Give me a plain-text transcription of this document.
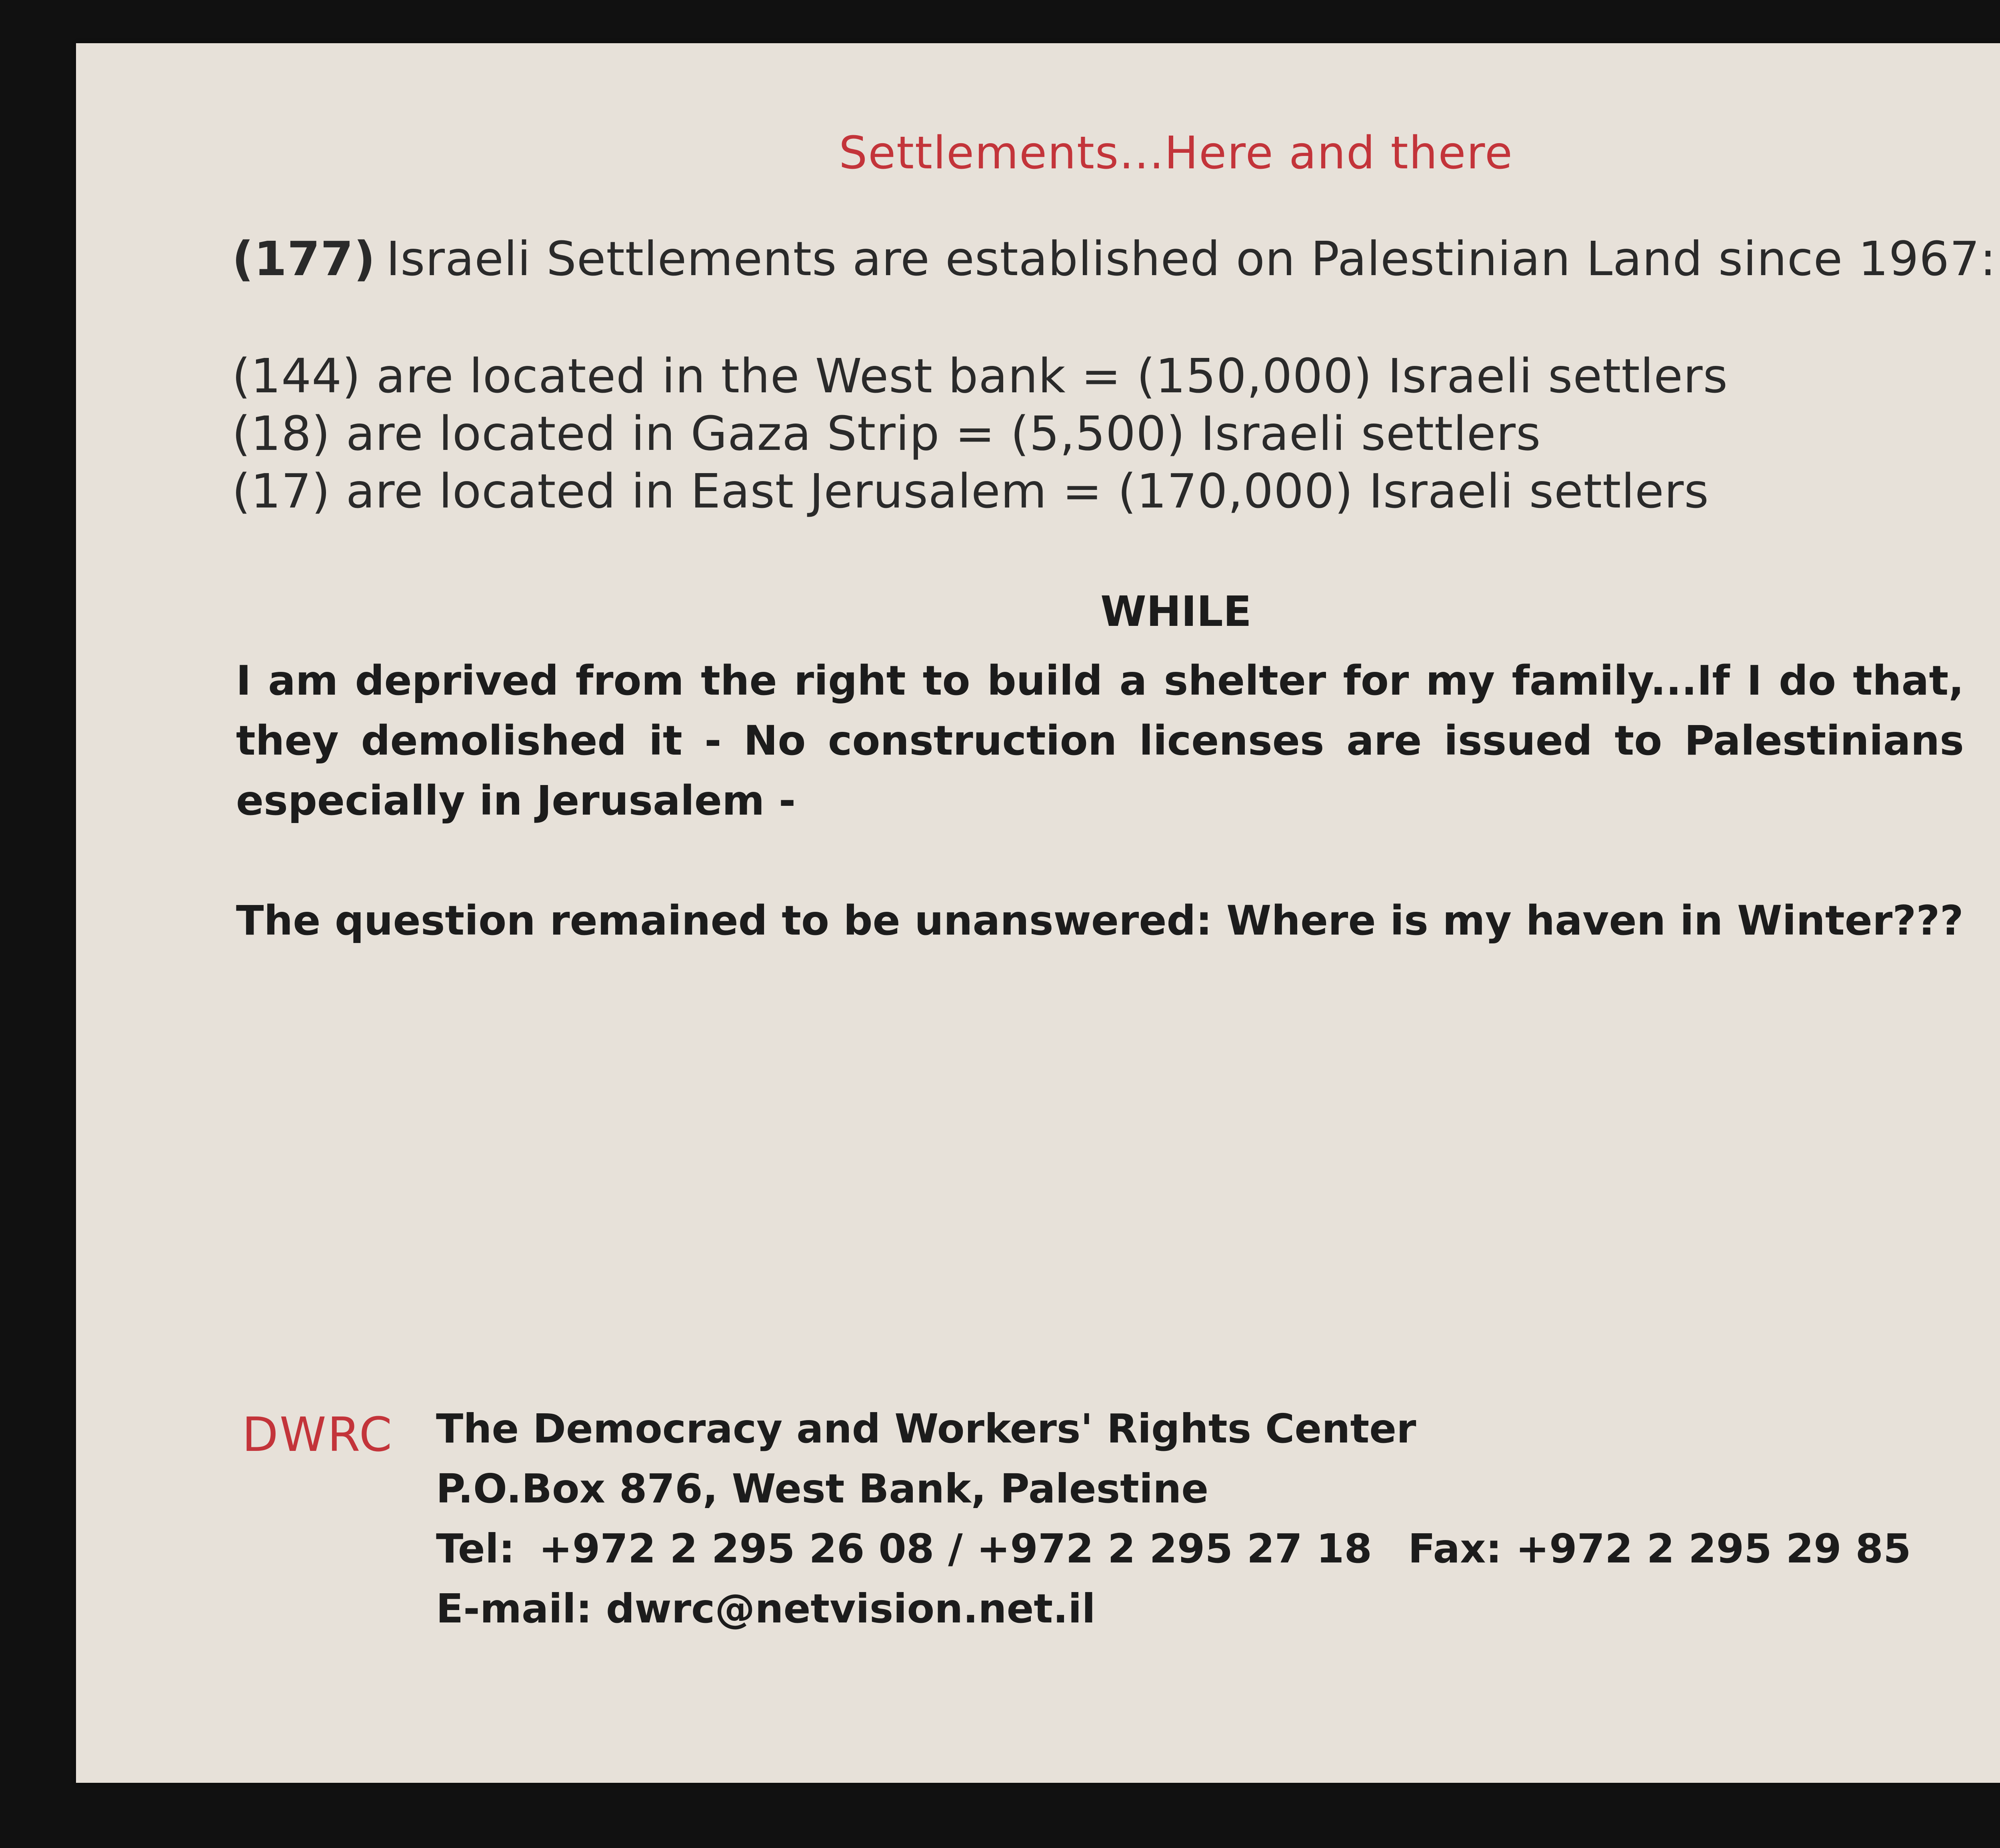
Settlements...Here and there
(177) Israeli Settlements are established on Palestinian Land since 1967:
(144) are located in the West bank = (150,000) Israeli settlers
(18) are located in Gaza Strip = (5,500) Israeli settlers
(17) are located in East Jerusalem = (170,000) Israeli settlers
WHILE
I am deprived from the right to build a shelter for my family...If I do that, they demolished it - No construction licenses are issued to Palestinians especially in Jerusalem -
The question remained to be unanswered: Where is my haven in Winter???
DWRC The Democracy and Workers' Rights Center
P.O.Box 876, West Bank, Palestine
Tel: +972 2 295 26 08 / +972 2 295 27 18 Fax: +972 2 295 29 85
E-mail: dwrc@netvision.net.il
